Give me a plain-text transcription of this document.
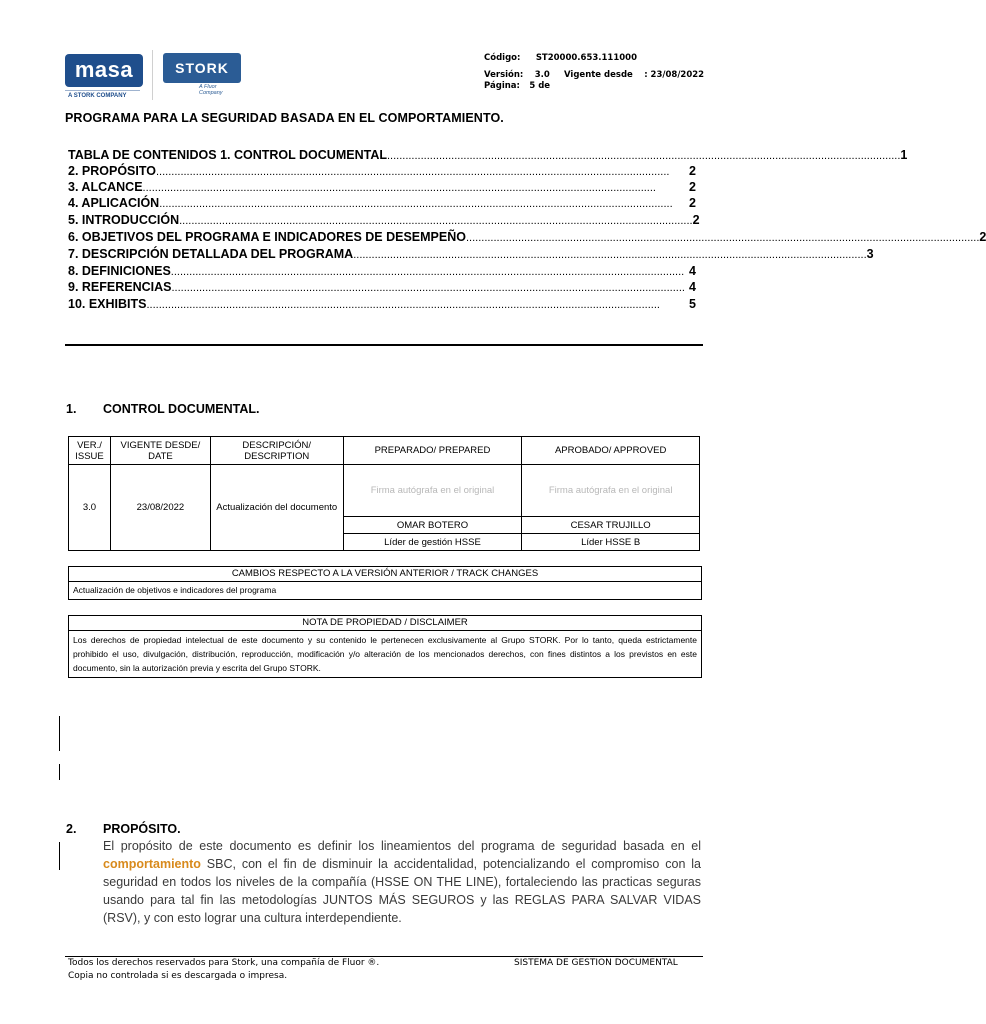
masa
A STORK COMPANY
STORK
A Fluor Company
Código: ST20000.653.111000
Versión: 3.0 Vigente desde : 23/08/2022
Página: 5 de
PROGRAMA PARA LA SEGURIDAD BASADA EN EL COMPORTAMIENTO.
TABLA DE CONTENIDOS 1. CONTROL DOCUMENTAL ........................................................................................................................................................................ 1
2. PROPÓSITO ........................................................................................................................................................................	2
3. ALCANCE ........................................................................................................................................................................	2
4. APLICACIÓN ........................................................................................................................................................................	2
5. INTRODUCCIÓN ........................................................................................................................................................................ 2
6. OBJETIVOS DEL PROGRAMA E INDICADORES DE DESEMPEÑO ........................................................................................................................................................................ 2
7. DESCRIPCIÓN DETALLADA DEL PROGRAMA ........................................................................................................................................................................ 3
8. DEFINICIONES ........................................................................................................................................................................ 4
9. REFERENCIAS ........................................................................................................................................................................ 4
10. EXHIBITS ........................................................................................................................................................................	5
1. CONTROL DOCUMENTAL.
VER./ ISSUE	VIGENTE DESDE/ DATE	DESCRIPCIÓN/ DESCRIPTION	PREPARADO/ PREPARED	APROBADO/ APPROVED
3.0	23/08/2022	Actualización del documento	Firma autógrafa en el original	Firma autógrafa en el original
			OMAR BOTERO	CESAR TRUJILLO
			Líder de gestión HSSE	Líder HSSE B
CAMBIOS RESPECTO A LA VERSIÓN ANTERIOR / TRACK CHANGES
Actualización de objetivos e indicadores del programa
NOTA DE PROPIEDAD / DISCLAIMER
Los derechos de propiedad intelectual de este documento y su contenido le pertenecen exclusivamente al Grupo STORK. Por lo tanto, queda estrictamente prohibido el uso, divulgación, distribución, reproducción, modificación y/o alteración de los mencionados derechos, con fines distintos a los previstos en este documento, sin la autorización previa y escrita del Grupo STORK.
2. PROPÓSITO.
El propósito de este documento es definir los lineamientos del programa de seguridad basada en el comportamiento SBC, con el fin de disminuir la accidentalidad, potencializando el compromiso con la seguridad en todos los niveles de la compañía (HSSE ON THE LINE), fortaleciendo las practicas seguras usando para tal fin las metodologías JUNTOS MÁS SEGUROS y las REGLAS PARA SALVAR VIDAS (RSV), y con esto lograr una cultura interdependiente.
Todos los derechos reservados para Stork, una compañía de Fluor ®.
Copia no controlada si es descargada o impresa.
SISTEMA DE GESTION DOCUMENTAL
